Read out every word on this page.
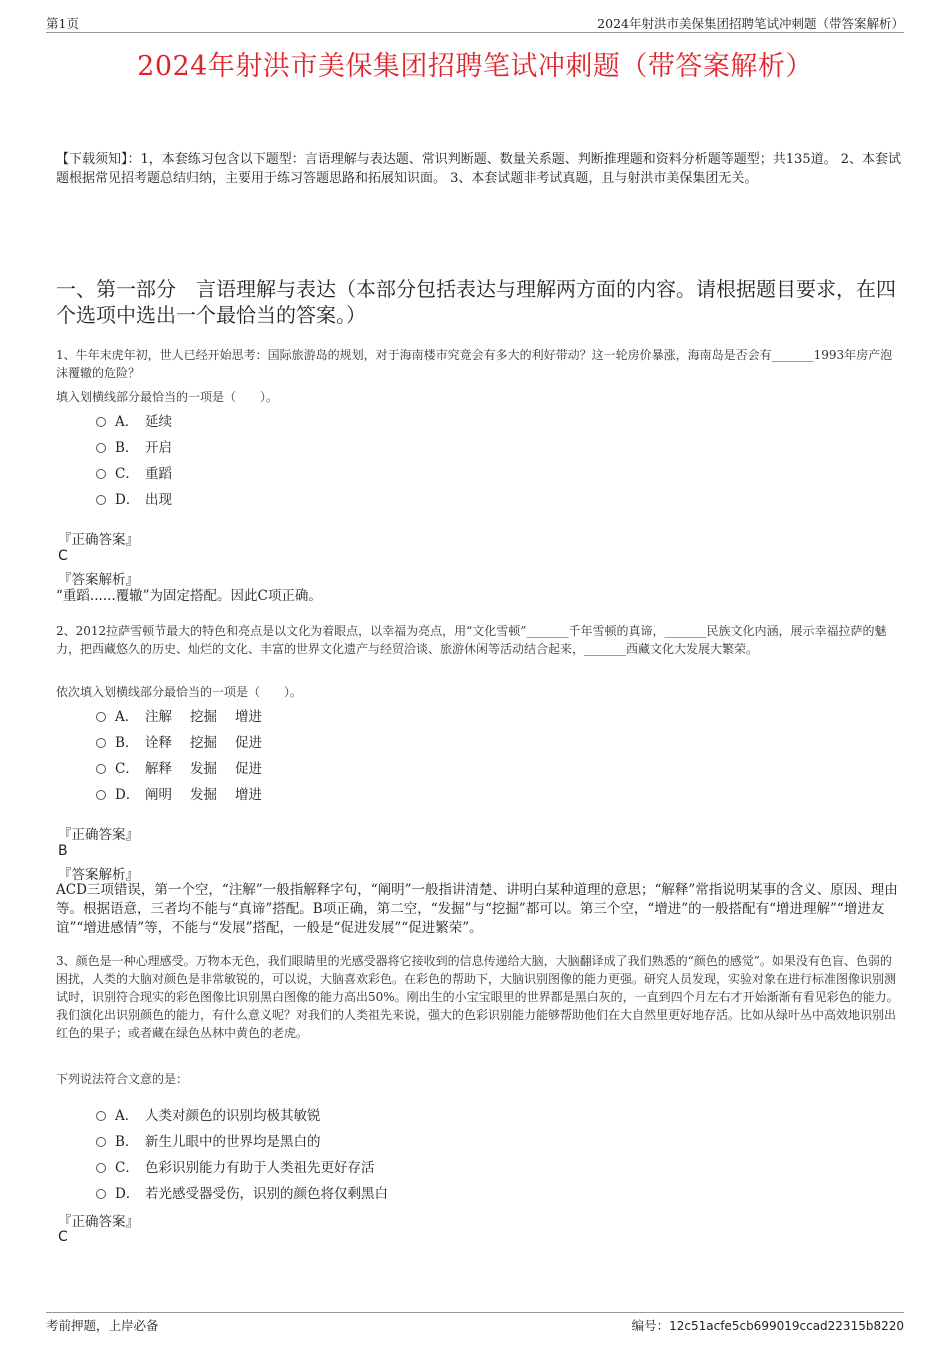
第1页	2024年射洪市美保集团招聘笔试冲刺题（带答案解析）
2024年射洪市美保集团招聘笔试冲刺题（带答案解析）
【下载须知】：1，本套练习包含以下题型：言语理解与表达题、常识判断题、数量关系题、判断推理题和资料分析题等题型；共135道。 2、本套试题根据常见招考题总结归纳，主要用于练习答题思路和拓展知识面。 3、本套试题非考试真题，且与射洪市美保集团无关。
一、第一部分　言语理解与表达（本部分包括表达与理解两方面的内容。请根据题目要求，在四个选项中选出一个最恰当的答案。）
1、牛年末虎年初，世人已经开始思考：国际旅游岛的规划，对于海南楼市究竟会有多大的利好带动？这一轮房价暴涨，海南岛是否会有_______1993年房产泡沫覆辙的危险？
填入划横线部分最恰当的一项是（　　）。
A． 延续
B． 开启
C． 重蹈
D． 出现
『正确答案』
C
『答案解析』
“重蹈......覆辙”为固定搭配。因此C项正确。
2、2012拉萨雪顿节最大的特色和亮点是以文化为着眼点，以幸福为亮点，用“文化雪顿”_______千年雪顿的真谛，_______民族文化内涵，展示幸福拉萨的魅力，把西藏悠久的历史、灿烂的文化、丰富的世界文化遗产与经贸洽谈、旅游休闲等活动结合起来，_______西藏文化大发展大繁荣。
依次填入划横线部分最恰当的一项是（　　）。
A． 注解 挖掘 增进
B． 诠释 挖掘 促进
C． 解释 发掘 促进
D． 阐明 发掘 增进
『正确答案』
B
『答案解析』
ACD三项错误，第一个空，“注解”一般指解释字句，“阐明”一般指讲清楚、讲明白某种道理的意思；“解释”常指说明某事的含义、原因、理由等。根据语意，三者均不能与“真谛”搭配。B项正确，第二空，“发掘”与“挖掘”都可以。第三个空，“增进”的一般搭配有“增进理解”“增进友谊”“增进感情”等，不能与“发展”搭配，一般是“促进发展”“促进繁荣”。
3、颜色是一种心理感受。万物本无色，我们眼睛里的光感受器将它接收到的信息传递给大脑，大脑翻译成了我们熟悉的“颜色的感觉”。如果没有色盲、色弱的困扰，人类的大脑对颜色是非常敏锐的，可以说，大脑喜欢彩色。在彩色的帮助下，大脑识别图像的能力更强。研究人员发现，实验对象在进行标准图像识别测试时，识别符合现实的彩色图像比识别黑白图像的能力高出50%。刚出生的小宝宝眼里的世界都是黑白灰的，一直到四个月左右才开始渐渐有看见彩色的能力。我们演化出识别颜色的能力，有什么意义呢？对我们的人类祖先来说，强大的色彩识别能力能够帮助他们在大自然里更好地存活。比如从绿叶丛中高效地识别出红色的果子；或者藏在绿色丛林中黄色的老虎。
下列说法符合文意的是：
A． 人类对颜色的识别均极其敏锐
B． 新生儿眼中的世界均是黑白的
C． 色彩识别能力有助于人类祖先更好存活
D． 若光感受器受伤，识别的颜色将仅剩黑白
『正确答案』
C
考前押题，上岸必备	编号：12c51acfe5cb699019ccad22315b8220
